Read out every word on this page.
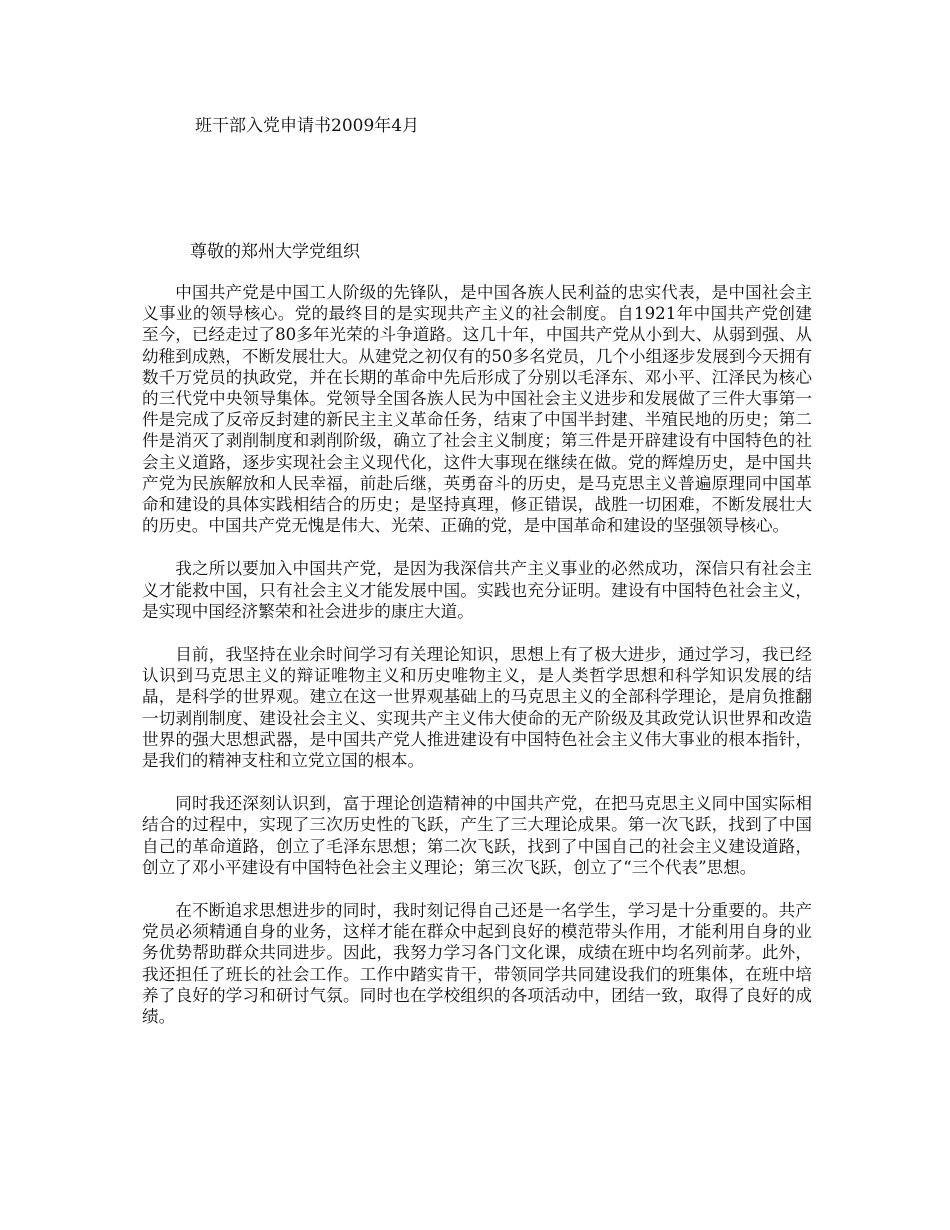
班干部入党申请书2009年4月
尊敬的郑州大学党组织

中国共产党是中国工人阶级的先锋队，是中国各族人民利益的忠实代表，是中国社会主义事业的领导核心。党的最终目的是实现共产主义的社会制度。自1921年中国共产党创建至今，已经走过了80多年光荣的斗争道路。这几十年，中国共产党从小到大、从弱到强、从幼稚到成熟，不断发展壮大。从建党之初仅有的50多名党员，几个小组逐步发展到今天拥有数千万党员的执政党，并在长期的革命中先后形成了分别以毛泽东、邓小平、江泽民为核心的三代党中央领导集体。党领导全国各族人民为中国社会主义进步和发展做了三件大事第一件是完成了反帝反封建的新民主主义革命任务，结束了中国半封建、半殖民地的历史；第二件是消灭了剥削制度和剥削阶级，确立了社会主义制度；第三件是开辟建设有中国特色的社会主义道路，逐步实现社会主义现代化，这件大事现在继续在做。党的辉煌历史，是中国共产党为民族解放和人民幸福，前赴后继，英勇奋斗的历史，是马克思主义普遍原理同中国革命和建设的具体实践相结合的历史；是坚持真理，修正错误，战胜一切困难，不断发展壮大的历史。中国共产党无愧是伟大、光荣、正确的党，是中国革命和建设的坚强领导核心。

我之所以要加入中国共产党，是因为我深信共产主义事业的必然成功，深信只有社会主义才能救中国，只有社会主义才能发展中国。实践也充分证明。建设有中国特色社会主义，是实现中国经济繁荣和社会进步的康庄大道。

目前，我坚持在业余时间学习有关理论知识，思想上有了极大进步，通过学习，我已经认识到马克思主义的辩证唯物主义和历史唯物主义，是人类哲学思想和科学知识发展的结晶，是科学的世界观。建立在这一世界观基础上的马克思主义的全部科学理论，是肩负推翻一切剥削制度、建设社会主义、实现共产主义伟大使命的无产阶级及其政党认识世界和改造世界的强大思想武器，是中国共产党人推进建设有中国特色社会主义伟大事业的根本指针，是我们的精神支柱和立党立国的根本。

同时我还深刻认识到，富于理论创造精神的中国共产党，在把马克思主义同中国实际相结合的过程中，实现了三次历史性的飞跃，产生了三大理论成果。第一次飞跃，找到了中国自己的革命道路，创立了毛泽东思想；第二次飞跃，找到了中国自己的社会主义建设道路，创立了邓小平建设有中国特色社会主义理论；第三次飞跃，创立了“三个代表”思想。

在不断追求思想进步的同时，我时刻记得自己还是一名学生，学习是十分重要的。共产党员必须精通自身的业务，这样才能在群众中起到良好的模范带头作用，才能利用自身的业务优势帮助群众共同进步。因此，我努力学习各门文化课，成绩在班中均名列前茅。此外，我还担任了班长的社会工作。工作中踏实肯干，带领同学共同建设我们的班集体，在班中培养了良好的学习和研讨气氛。同时也在学校组织的各项活动中，团结一致，取得了良好的成绩。
